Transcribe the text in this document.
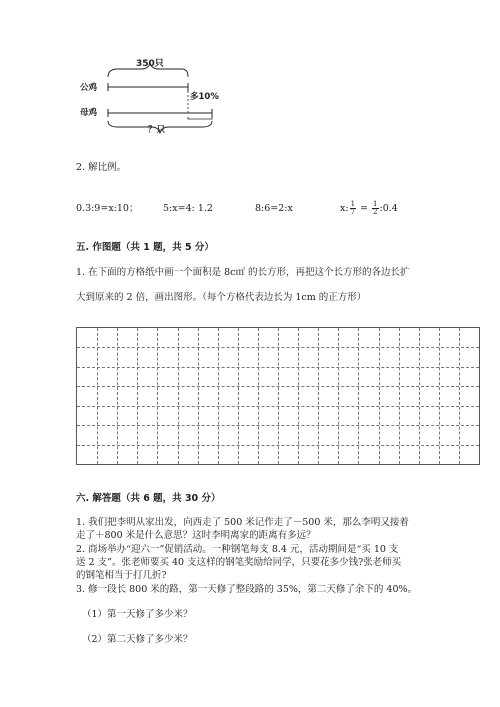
350只
公鸡
母鸡
多10%
？只
2. 解比例。
0.3:9=x:10；	5:x=4: 1.2	8:6=2:x	x: $\frac{1}{7} = \frac{1}{2}$ :0.4
五. 作图题（共 1 题，共 5 分）
1. 在下面的方格纸中画一个面积是 8c㎡ 的长方形，再把这个长方形的各边长扩
大到原来的 2 倍，画出图形。（每个方格代表边长为 1cm 的正方形）
六. 解答题（共 6 题，共 30 分）
1. 我们把李明从家出发，向西走了 500 米记作走了－500 米，那么李明又接着
走了＋800 米是什么意思？这时李明离家的距离有多远？
2. 商场举办“迎六一”促销活动。一种钢笔每支 8.4 元，活动期间是“买 10 支
送 2 支”。张老师要买 40 支这样的钢笔奖励给同学，只要花多少钱?张老师买
的钢笔相当于打几折?
3. 修一段长 800 米的路，第一天修了整段路的 35%，第二天修了余下的 40%。
（1）第一天修了多少米？
（2）第二天修了多少米？
